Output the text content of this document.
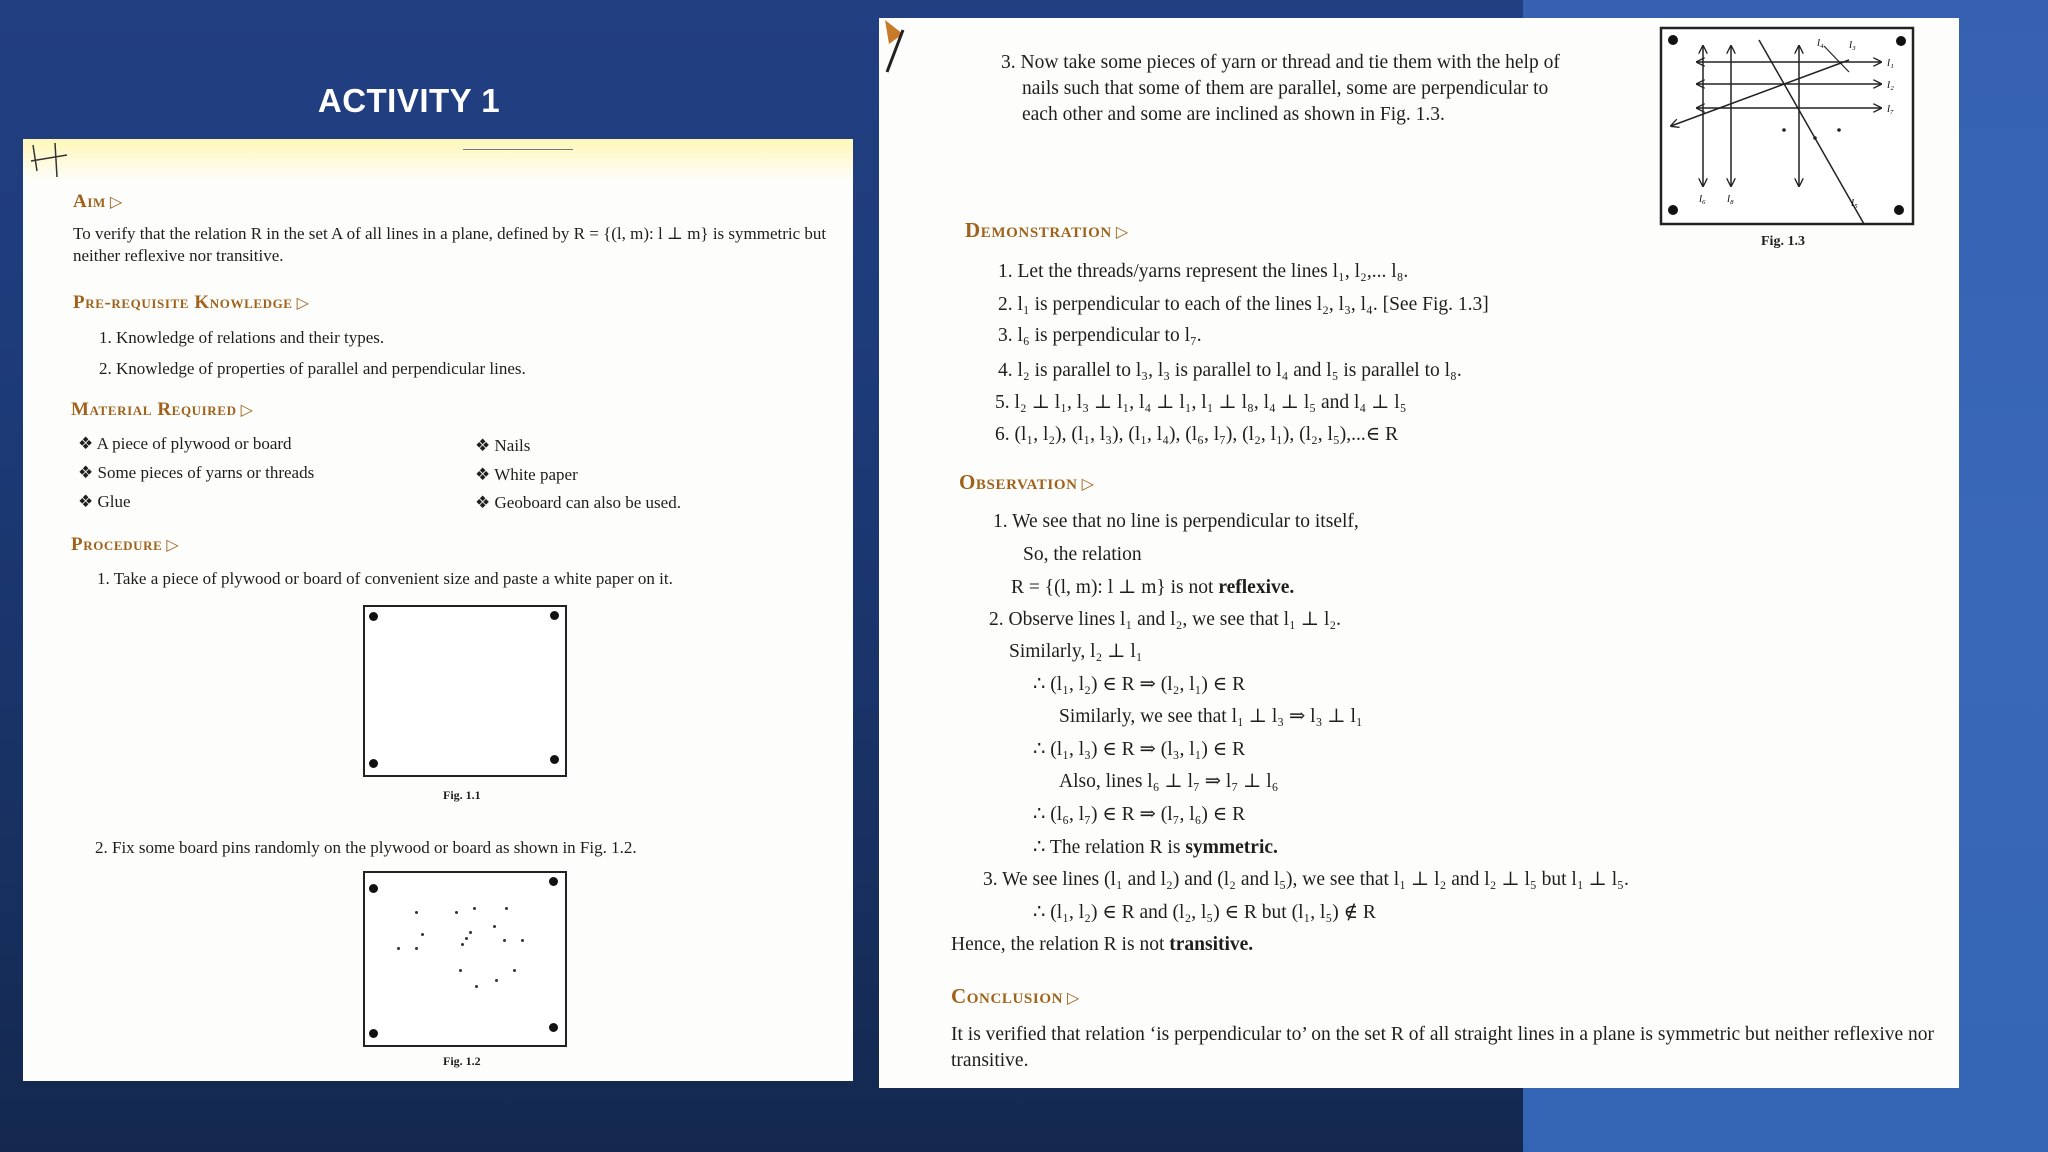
ACTIVITY 1
Aim ▷
To verify that the relation R in the set A of all lines in a plane, defined by R = {(l, m): l ⊥ m} is symmetric but neither reflexive nor transitive.
Pre-requisite Knowledge ▷
1. Knowledge of relations and their types.
2. Knowledge of properties of parallel and perpendicular lines.
Material Required ▷
❖ A piece of plywood or board
❖ Some pieces of yarns or threads
❖ Glue
❖ Nails
❖ White paper
❖ Geoboard can also be used.
Procedure ▷
1. Take a piece of plywood or board of convenient size and paste a white paper on it.
Fig. 1.1
2. Fix some board pins randomly on the plywood or board as shown in Fig. 1.2.
Fig. 1.2
3. Now take some pieces of yarn or thread and tie them with the help of
nails such that some of them are parallel, some are perpendicular to
each other and some are inclined as shown in Fig. 1.3.
l₄ l₃
l₁
l₂
l₇
l₆ l₈	l₅
Fig. 1.3
Demonstration ▷
1. Let the threads/yarns represent the lines l₁, l₂,... l₈.
2. l₁ is perpendicular to each of the lines l₂, l₃, l₄. [See Fig. 1.3]
3. l₆ is perpendicular to l₇.
4. l₂ is parallel to l₃, l₃ is parallel to l₄ and l₅ is parallel to l₈.
5. l₂ ⊥ l₁, l₃ ⊥ l₁, l₄ ⊥ l₁, l₁ ⊥ l₈, l₄ ⊥ l₅ and l₄ ⊥ l₅
6. (l₁, l₂), (l₁, l₃), (l₁, l₄), (l₆, l₇), (l₂, l₁), (l₂, l₅),...∈ R
Observation ▷
1. We see that no line is perpendicular to itself,
So, the relation
R = {(l, m): l ⊥ m} is not reflexive.
2. Observe lines l₁ and l₂, we see that l₁ ⊥ l₂.
Similarly, l₂ ⊥ l₁
∴ (l₁, l₂) ∈ R ⇒ (l₂, l₁) ∈ R
Similarly, we see that l₁ ⊥ l₃ ⇒ l₃ ⊥ l₁
∴ (l₁, l₃) ∈ R ⇒ (l₃, l₁) ∈ R
Also, lines l₆ ⊥ l₇ ⇒ l₇ ⊥ l₆
∴ (l₆, l₇) ∈ R ⇒ (l₇, l₆) ∈ R
∴ The relation R is symmetric.
3. We see lines (l₁ and l₂) and (l₂ and l₅), we see that l₁ ⊥ l₂ and l₂ ⊥ l₅ but l₁ ⊥ l₅.
∴ (l₁, l₂) ∈ R and (l₂, l₅) ∈ R but (l₁, l₅) ∉ R
Hence, the relation R is not transitive.
Conclusion ▷
It is verified that relation ‘is perpendicular to’ on the set R of all straight lines in a plane is symmetric but neither reflexive nor transitive.
